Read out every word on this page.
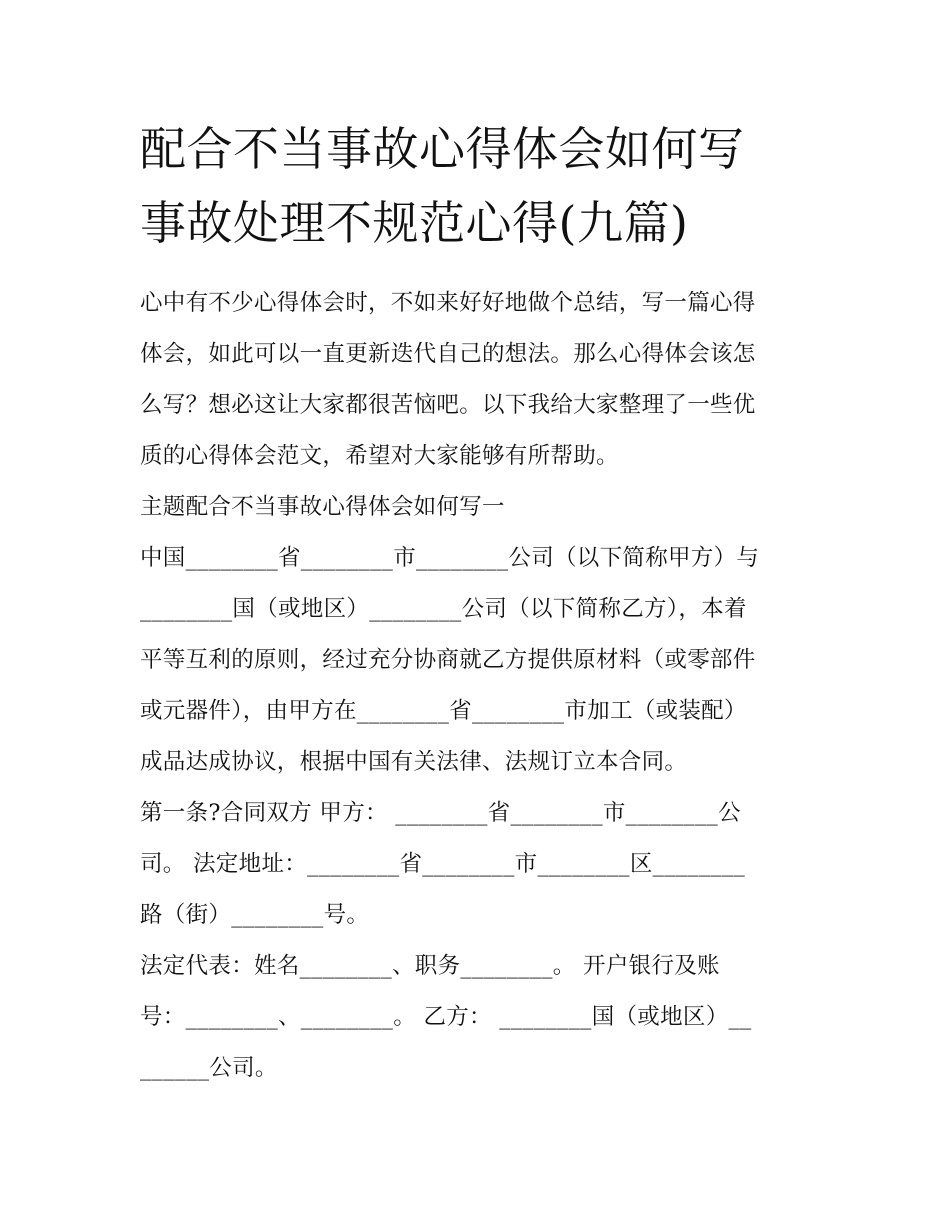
配合不当事故心得体会如何写
事故处理不规范心得(九篇)
心中有不少心得体会时，不如来好好地做个总结，写一篇心得
体会，如此可以一直更新迭代自己的想法。那么心得体会该怎
么写？想必这让大家都很苦恼吧。以下我给大家整理了一些优
质的心得体会范文，希望对大家能够有所帮助。
主题配合不当事故心得体会如何写一
中国________省________市________公司（以下简称甲方）与
________国（或地区）________公司（以下简称乙方），本着
平等互利的原则，经过充分协商就乙方提供原材料（或零部件
或元器件），由甲方在________省________市加工（或装配）
成品达成协议，根据中国有关法律、法规订立本合同。
第一条?合同双方 甲方： ________省________市________公
司。 法定地址：________省________市________区________
路（街）________号。
法定代表：姓名________、职务________。 开户银行及账
号：________、________。 乙方： ________国（或地区）__
______公司。
